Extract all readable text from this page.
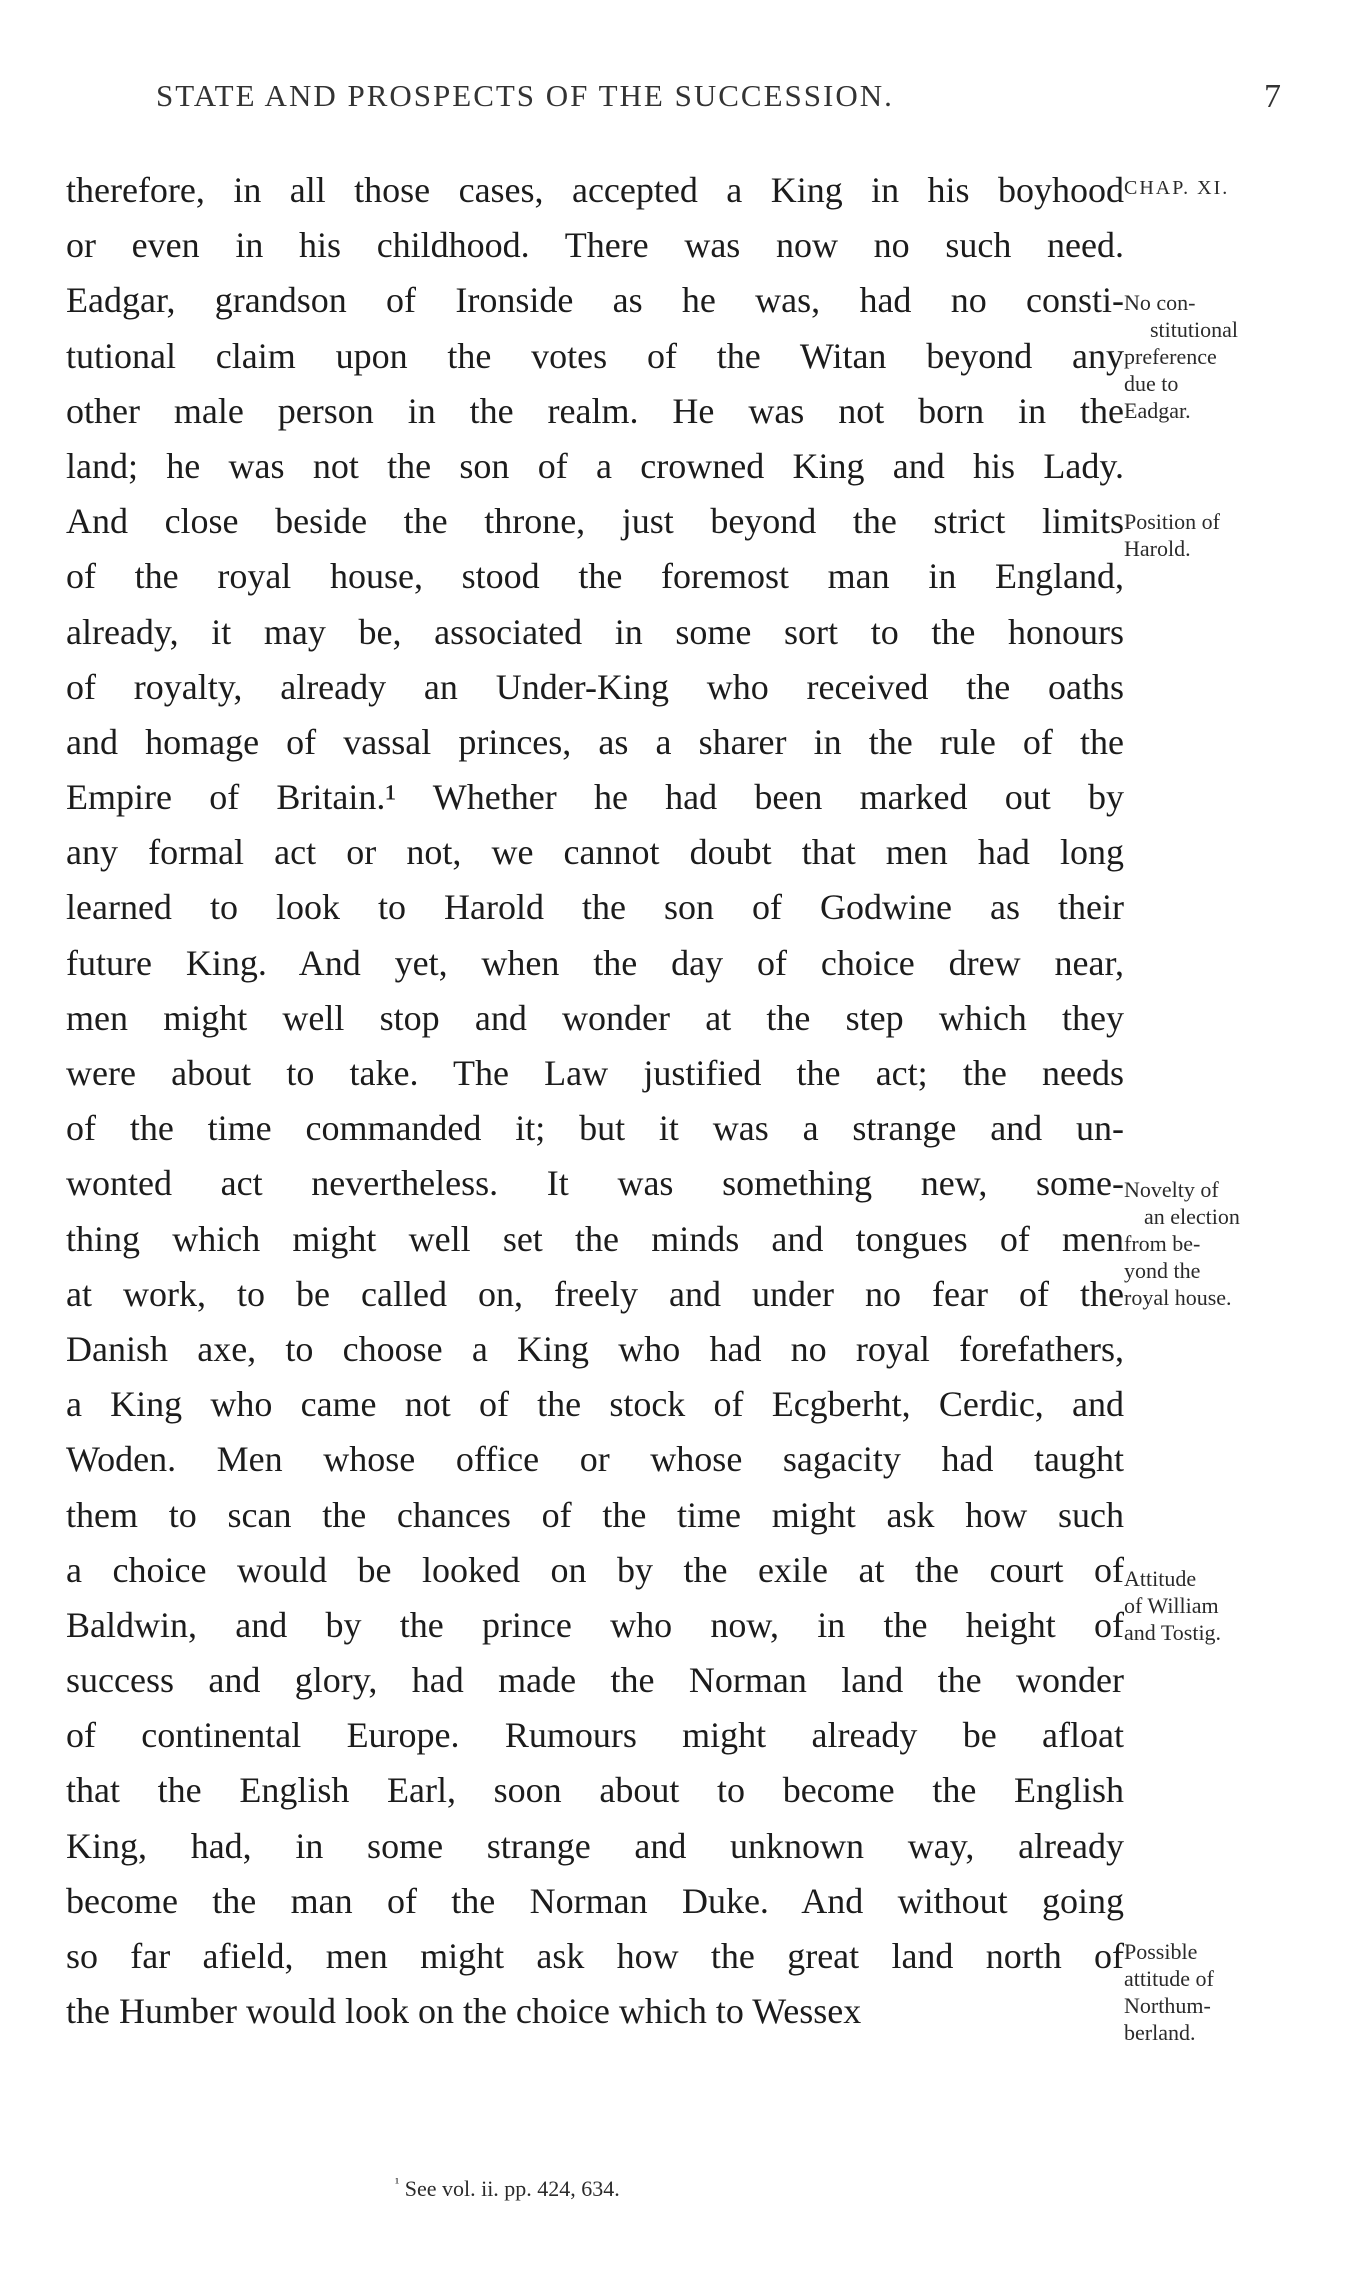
STATE AND PROSPECTS OF THE SUCCESSION.	7
therefore, in all those cases, accepted a King in his boyhood
or even in his childhood. There was now no such need.
Eadgar, grandson of Ironside as he was, had no consti-
tutional claim upon the votes of the Witan beyond any
other male person in the realm. He was not born in the
land; he was not the son of a crowned King and his Lady.
And close beside the throne, just beyond the strict limits
of the royal house, stood the foremost man in England,
already, it may be, associated in some sort to the honours
of royalty, already an Under-King who received the oaths
and homage of vassal princes, as a sharer in the rule of the
Empire of Britain.¹ Whether he had been marked out by
any formal act or not, we cannot doubt that men had long
learned to look to Harold the son of Godwine as their
future King. And yet, when the day of choice drew near,
men might well stop and wonder at the step which they
were about to take. The Law justified the act; the needs
of the time commanded it; but it was a strange and un-
wonted act nevertheless. It was something new, some-
thing which might well set the minds and tongues of men
at work, to be called on, freely and under no fear of the
Danish axe, to choose a King who had no royal forefathers,
a King who came not of the stock of Ecgberht, Cerdic, and
Woden. Men whose office or whose sagacity had taught
them to scan the chances of the time might ask how such
a choice would be looked on by the exile at the court of
Baldwin, and by the prince who now, in the height of
success and glory, had made the Norman land the wonder
of continental Europe. Rumours might already be afloat
that the English Earl, soon about to become the English
King, had, in some strange and unknown way, already
become the man of the Norman Duke. And without going
so far afield, men might ask how the great land north of
the Humber would look on the choice which to Wessex
CHAP. XI.
No con-
stitutional
preference
due to
Eadgar.
Position of
Harold.
Novelty of
an election
from be-
yond the
royal house.
Attitude
of William
and Tostig.
Possible
attitude of
Northum-
berland.
$^{^1}$ See vol. ii. pp. 424, 634.
